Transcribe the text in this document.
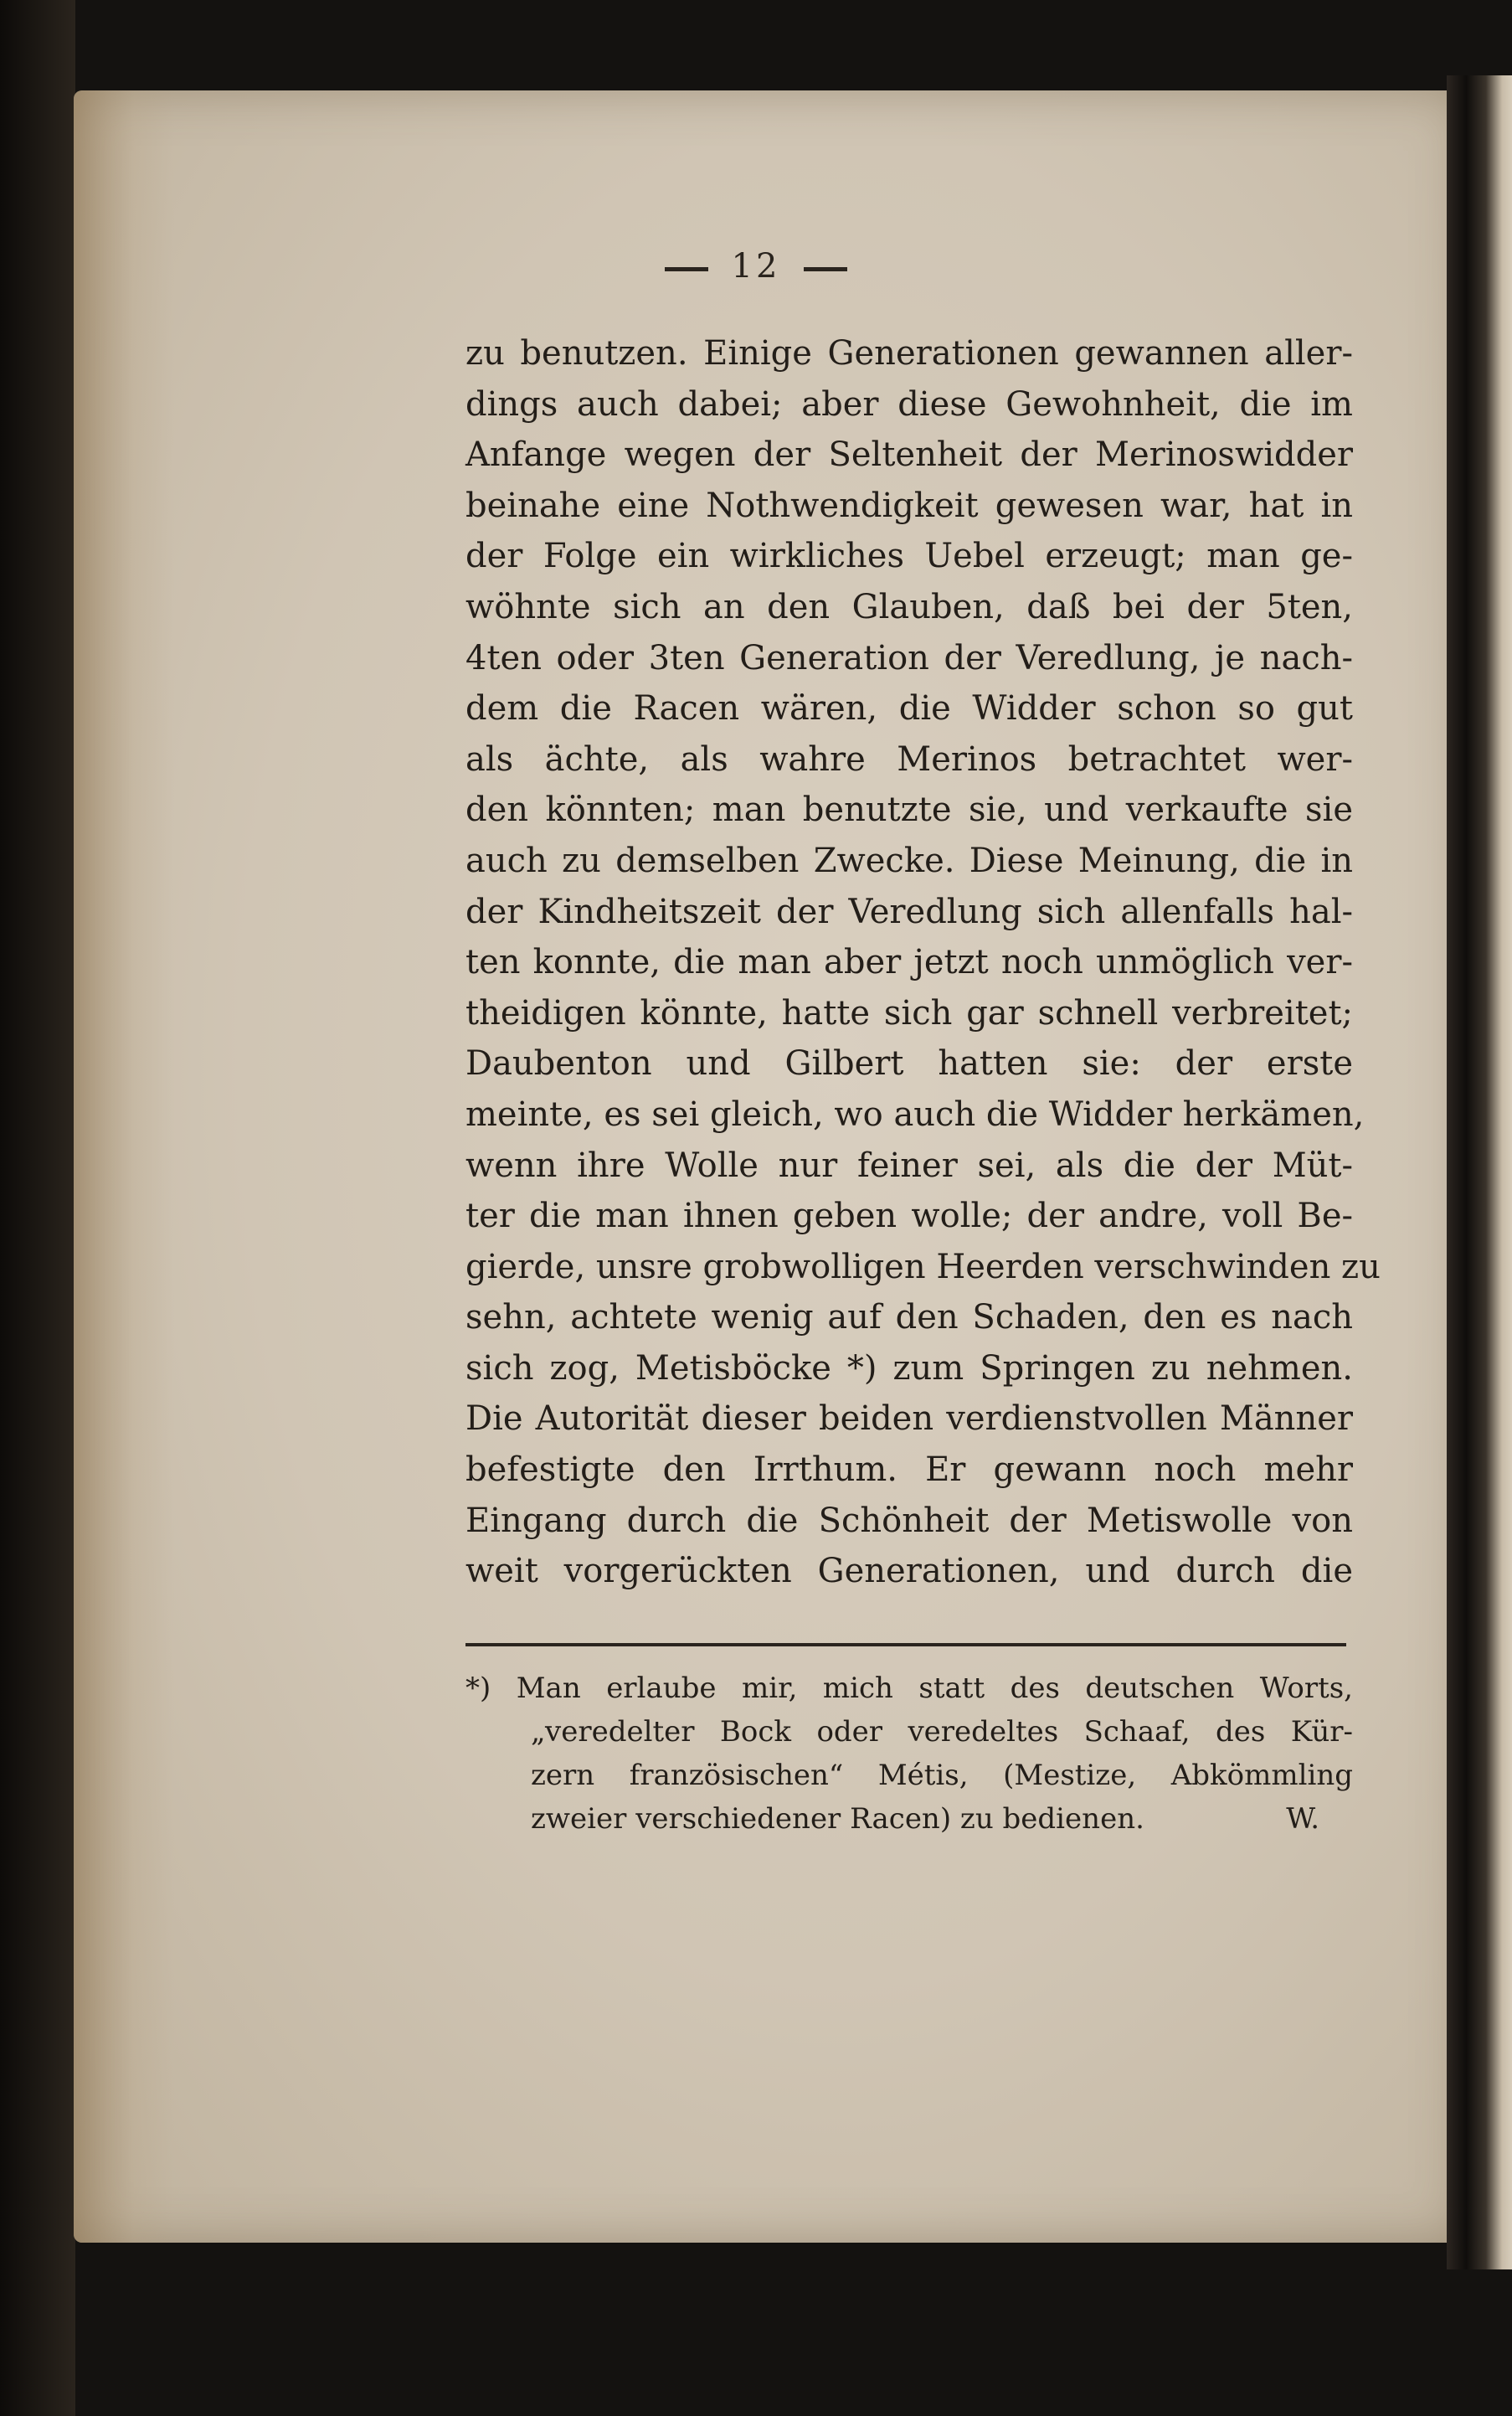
12
zu benutzen. Einige Generationen gewannen aller-
dings auch dabei; aber diese Gewohnheit, die im
Anfange wegen der Seltenheit der Merinoswidder
beinahe eine Nothwendigkeit gewesen war, hat in
der Folge ein wirkliches Uebel erzeugt; man ge-
wöhnte sich an den Glauben, daß bei der 5ten,
4ten oder 3ten Generation der Veredlung, je nach-
dem die Racen wären, die Widder schon so gut
als ächte, als wahre Merinos betrachtet wer-
den könnten; man benutzte sie, und verkaufte sie
auch zu demselben Zwecke. Diese Meinung, die in
der Kindheitszeit der Veredlung sich allenfalls hal-
ten konnte, die man aber jetzt noch unmöglich ver-
theidigen könnte, hatte sich gar schnell verbreitet;
Daubenton und Gilbert hatten sie: der erste
meinte, es sei gleich, wo auch die Widder herkämen,
wenn ihre Wolle nur feiner sei, als die der Müt-
ter die man ihnen geben wolle; der andre, voll Be-
gierde, unsre grobwolligen Heerden verschwinden zu
sehn, achtete wenig auf den Schaden, den es nach
sich zog, Metisböcke *) zum Springen zu nehmen.
Die Autorität dieser beiden verdienstvollen Männer
befestigte den Irrthum. Er gewann noch mehr
Eingang durch die Schönheit der Metiswolle von
weit vorgerückten Generationen, und durch die
*) Man erlaube mir, mich statt des deutschen Worts,
„veredelter Bock oder veredeltes Schaaf, des Kür-
zern französischen“ Métis, (Mestize, Abkömmling
zweier verschiedener Racen) zu bedienen.	W.
